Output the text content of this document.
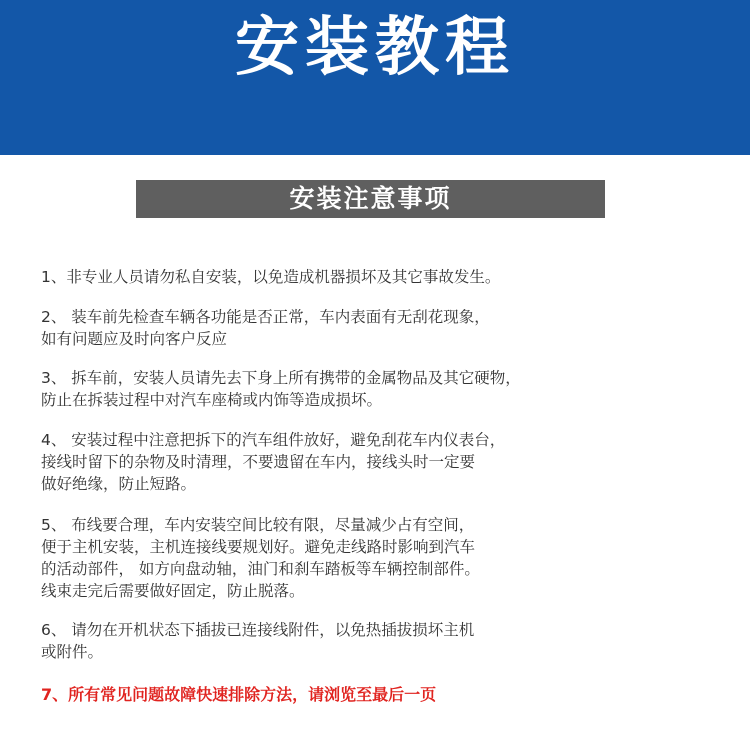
安装教程
安装注意事项
1、非专业人员请勿私自安装，以免造成机器损坏及其它事故发生。
2、 装车前先检查车辆各功能是否正常，车内表面有无刮花现象，
如有问题应及时向客户反应
3、 拆车前，安装人员请先去下身上所有携带的金属物品及其它硬物，
防止在拆装过程中对汽车座椅或内饰等造成损坏。
4、 安装过程中注意把拆下的汽车组件放好，避免刮花车内仪表台，
接线时留下的杂物及时清理，不要遗留在车内，接线头时一定要
做好绝缘，防止短路。
5、 布线要合理，车内安装空间比较有限，尽量减少占有空间，
便于主机安装，主机连接线要规划好。避免走线路时影响到汽车
的活动部件， 如方向盘动轴，油门和刹车踏板等车辆控制部件。
线束走完后需要做好固定，防止脱落。
6、 请勿在开机状态下插拔已连接线附件，以免热插拔损坏主机
或附件。
7、所有常见问题故障快速排除方法，请浏览至最后一页
